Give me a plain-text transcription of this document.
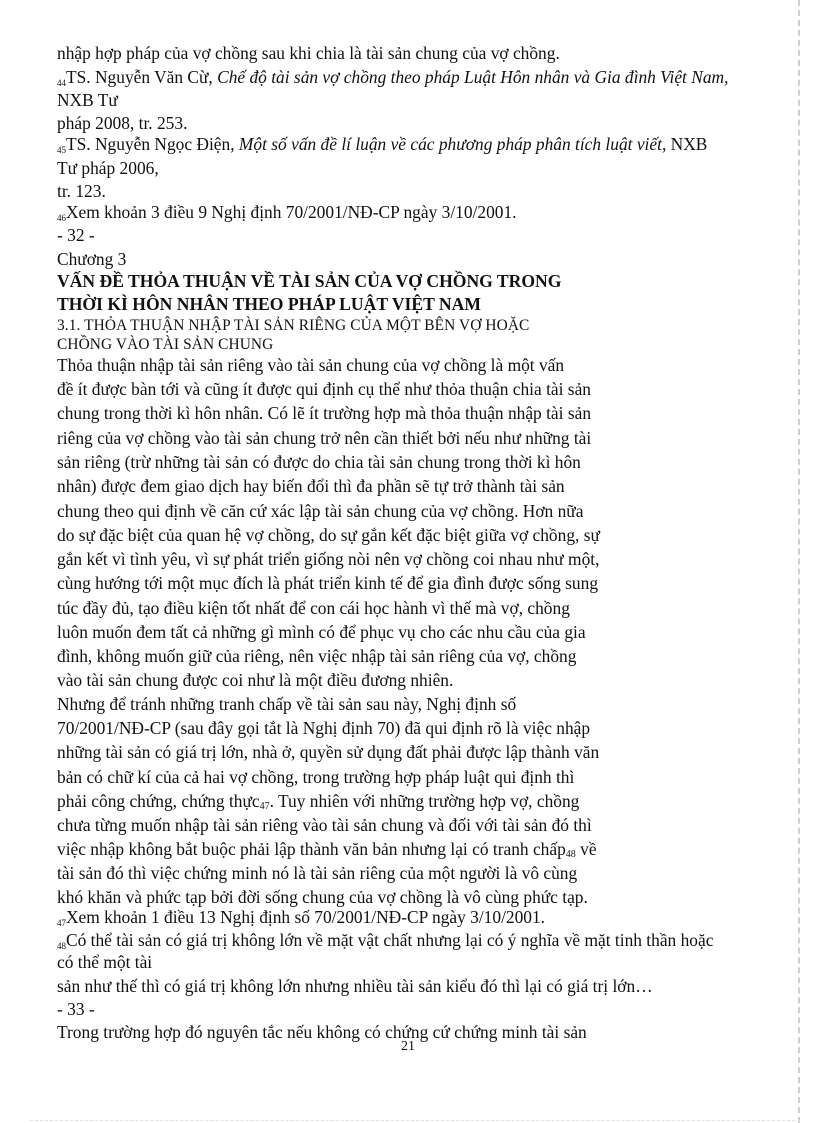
nhập hợp pháp của vợ chồng sau khi chia là tài sản chung của vợ chồng.
$_{44}$TS. Nguyễn Văn Cừ, Chế độ tài sản vợ chồng theo pháp Luật Hôn nhân và Gia đình Việt Nam,
NXB Tư
pháp 2008, tr. 253.
$_{45}$TS. Nguyễn Ngọc Điện, Một số vấn đề lí luận về các phương pháp phân tích luật viết, NXB
Tư pháp 2006,
tr. 123.
$_{46}$Xem khoản 3 điều 9 Nghị định 70/2001/NĐ-CP ngày 3/10/2001.
- 32 -
Chương 3
VẤN ĐỀ THỎA THUẬN VỀ TÀI SẢN CỦA VỢ CHỒNG TRONG
THỜI KÌ HÔN NHÂN THEO PHÁP LUẬT VIỆT NAM
3.1. THỎA THUẬN NHẬP TÀI SẢN RIÊNG CỦA MỘT BÊN VỢ HOẶC
CHỒNG VÀO TÀI SẢN CHUNG
Thỏa thuận nhập tài sản riêng vào tài sản chung của vợ chồng là một vấn
đề ít được bàn tới và cũng ít được qui định cụ thể như thỏa thuận chia tài sản
chung trong thời kì hôn nhân. Có lẽ ít trường hợp mà thỏa thuận nhập tài sản
riêng của vợ chồng vào tài sản chung trở nên cần thiết bởi nếu như những tài
sản riêng (trừ những tài sản có được do chia tài sản chung trong thời kì hôn
nhân) được đem giao dịch hay biến đổi thì đa phần sẽ tự trở thành tài sản
chung theo qui định về căn cứ xác lập tài sản chung của vợ chồng. Hơn nữa
do sự đặc biệt của quan hệ vợ chồng, do sự gắn kết đặc biệt giữa vợ chồng, sự
gắn kết vì tình yêu, vì sự phát triển giống nòi nên vợ chồng coi nhau như một,
cùng hướng tới một mục đích là phát triển kinh tế để gia đình được sống sung
túc đầy đủ, tạo điều kiện tốt nhất để con cái học hành vì thế mà vợ, chồng
luôn muốn đem tất cả những gì mình có để phục vụ cho các nhu cầu của gia
đình, không muốn giữ của riêng, nên việc nhập tài sản riêng của vợ, chồng
vào tài sản chung được coi như là một điều đương nhiên.
Nhưng để tránh những tranh chấp về tài sản sau này, Nghị định số
70/2001/NĐ-CP (sau đây gọi tắt là Nghị định 70) đã qui định rõ là việc nhập
những tài sản có giá trị lớn, nhà ở, quyền sử dụng đất phải được lập thành văn
bản có chữ kí của cả hai vợ chồng, trong trường hợp pháp luật qui định thì
phải công chứng, chứng thực47. Tuy nhiên với những trường hợp vợ, chồng
chưa từng muốn nhập tài sản riêng vào tài sản chung và đối với tài sản đó thì
việc nhập không bắt buộc phải lập thành văn bản nhưng lại có tranh chấp48 về
tài sản đó thì việc chứng minh nó là tài sản riêng của một người là vô cùng
khó khăn và phức tạp bởi đời sống chung của vợ chồng là vô cùng phức tạp.
$_{47}$Xem khoản 1 điều 13 Nghị định số 70/2001/NĐ-CP ngày 3/10/2001.
$_{48}$Có thể tài sản có giá trị không lớn về mặt vật chất nhưng lại có ý nghĩa về mặt tinh thần hoặc
có thể một tài
sản như thế thì có giá trị không lớn nhưng nhiều tài sản kiểu đó thì lại có giá trị lớn…
- 33 -
Trong trường hợp đó nguyên tắc nếu không có chứng cứ chứng minh tài sản
21
